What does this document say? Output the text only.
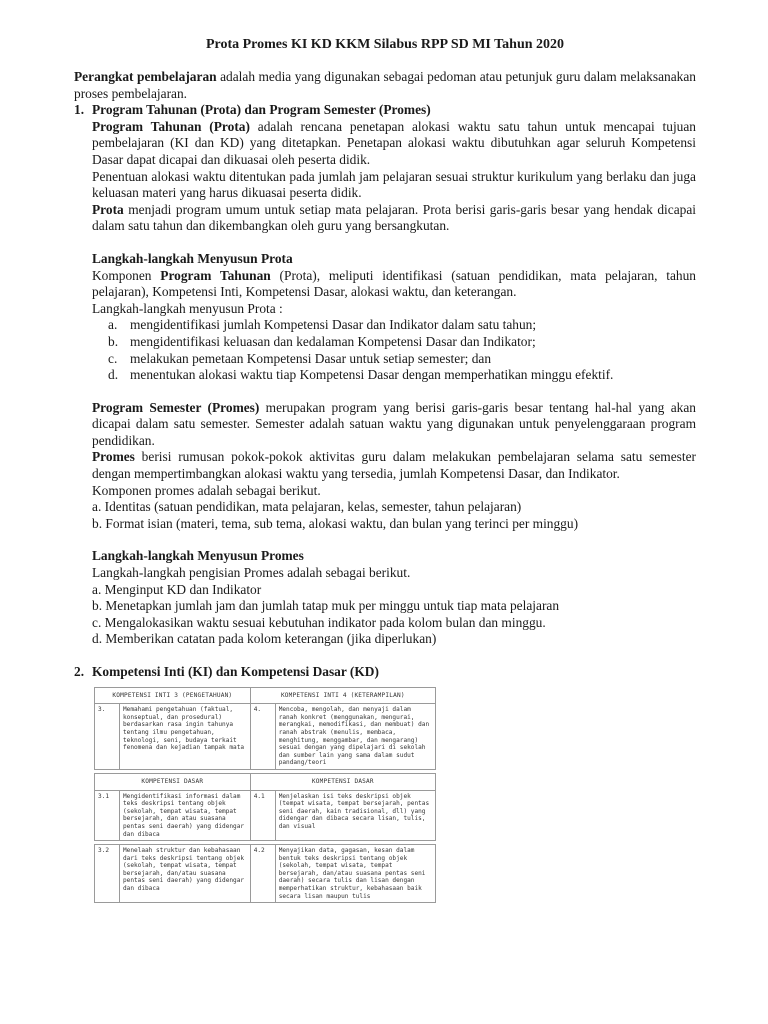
Prota Promes KI KD KKM Silabus RPP SD MI Tahun 2020

Perangkat pembelajaran adalah media yang digunakan sebagai pedoman atau petunjuk guru dalam melaksanakan proses pembelajaran.

1. Program Tahunan (Prota) dan Program Semester (Promes)

Program Tahunan (Prota) adalah rencana penetapan alokasi waktu satu tahun untuk mencapai tujuan pembelajaran (KI dan KD) yang ditetapkan. Penetapan alokasi waktu dibutuhkan agar seluruh Kompetensi Dasar dapat dicapai dan dikuasai oleh peserta didik.

Penentuan alokasi waktu ditentukan pada jumlah jam pelajaran sesuai struktur kurikulum yang berlaku dan juga keluasan materi yang harus dikuasai peserta didik.

Prota menjadi program umum untuk setiap mata pelajaran. Prota berisi garis-garis besar yang hendak dicapai dalam satu tahun dan dikembangkan oleh guru yang bersangkutan.

Langkah-langkah Menyusun Prota

Komponen Program Tahunan (Prota), meliputi identifikasi (satuan pendidikan, mata pelajaran, tahun pelajaran), Kompetensi Inti, Kompetensi Dasar, alokasi waktu, dan keterangan.

Langkah-langkah menyusun Prota :

a. mengidentifikasi jumlah Kompetensi Dasar dan Indikator dalam satu tahun;
b. mengidentifikasi keluasan dan kedalaman Kompetensi Dasar dan Indikator;
c. melakukan pemetaan Kompetensi Dasar untuk setiap semester; dan
d. menentukan alokasi waktu tiap Kompetensi Dasar dengan memperhatikan minggu efektif.

Program Semester (Promes) merupakan program yang berisi garis-garis besar tentang hal-hal yang akan dicapai dalam satu semester. Semester adalah satuan waktu yang digunakan untuk penyelenggaraan program pendidikan.

Promes berisi rumusan pokok-pokok aktivitas guru dalam melakukan pembelajaran selama satu semester dengan mempertimbangkan alokasi waktu yang tersedia, jumlah Kompetensi Dasar, dan Indikator.

Komponen promes adalah sebagai berikut.

a. Identitas (satuan pendidikan, mata pelajaran, kelas, semester, tahun pelajaran)

b. Format isian (materi, tema, sub tema, alokasi waktu, dan bulan yang terinci per minggu)

Langkah-langkah Menyusun Promes

Langkah-langkah pengisian Promes adalah sebagai berikut.

a. Menginput KD dan Indikator

b. Menetapkan jumlah jam dan jumlah tatap muk per minggu untuk tiap mata pelajaran

c. Mengalokasikan waktu sesuai kebutuhan indikator pada kolom bulan dan minggu.

d. Memberikan catatan pada kolom keterangan (jika diperlukan)

2. Kompetensi Inti (KI) dan Kompetensi Dasar (KD)
KOMPETENSI INTI 3 (PENGETAHUAN)		KOMPETENSI INTI 4 (KETERAMPILAN)	
3.	Memahami pengetahuan (faktual, konseptual, dan prosedural) berdasarkan rasa ingin tahunya tentang ilmu pengetahuan, teknologi, seni, budaya terkait fenomena dan kejadian tampak mata	4.	Mencoba, mengolah, dan menyaji dalam ranah konkret (menggunakan, mengurai, merangkai, memodifikasi, dan membuat) dan ranah abstrak (menulis, membaca, menghitung, menggambar, dan mengarang) sesuai dengan yang dipelajari di sekolah dan sumber lain yang sama dalam sudut pandang/teori

KOMPETENSI DASAR		KOMPETENSI DASAR	
3.1	Mengidentifikasi informasi dalam teks deskripsi tentang objek (sekolah, tempat wisata, tempat bersejarah, dan atau suasana pentas seni daerah) yang didengar dan dibaca	4.1	Menjelaskan isi teks deskripsi objek (tempat wisata, tempat bersejarah, pentas seni daerah, kain tradisional, dll) yang didengar dan dibaca secara lisan, tulis, dan visual

3.2	Menelaah struktur dan kebahasaan dari teks deskripsi tentang objek (sekolah, tempat wisata, tempat bersejarah, dan/atau suasana pentas seni daerah) yang didengar dan dibaca	4.2	Menyajikan data, gagasan, kesan dalam bentuk teks deskripsi tentang objek (sekolah, tempat wisata, tempat bersejarah, dan/atau suasana pentas seni daerah) secara tulis dan lisan dengan memperhatikan struktur, kebahasaan baik secara lisan maupun tulis
